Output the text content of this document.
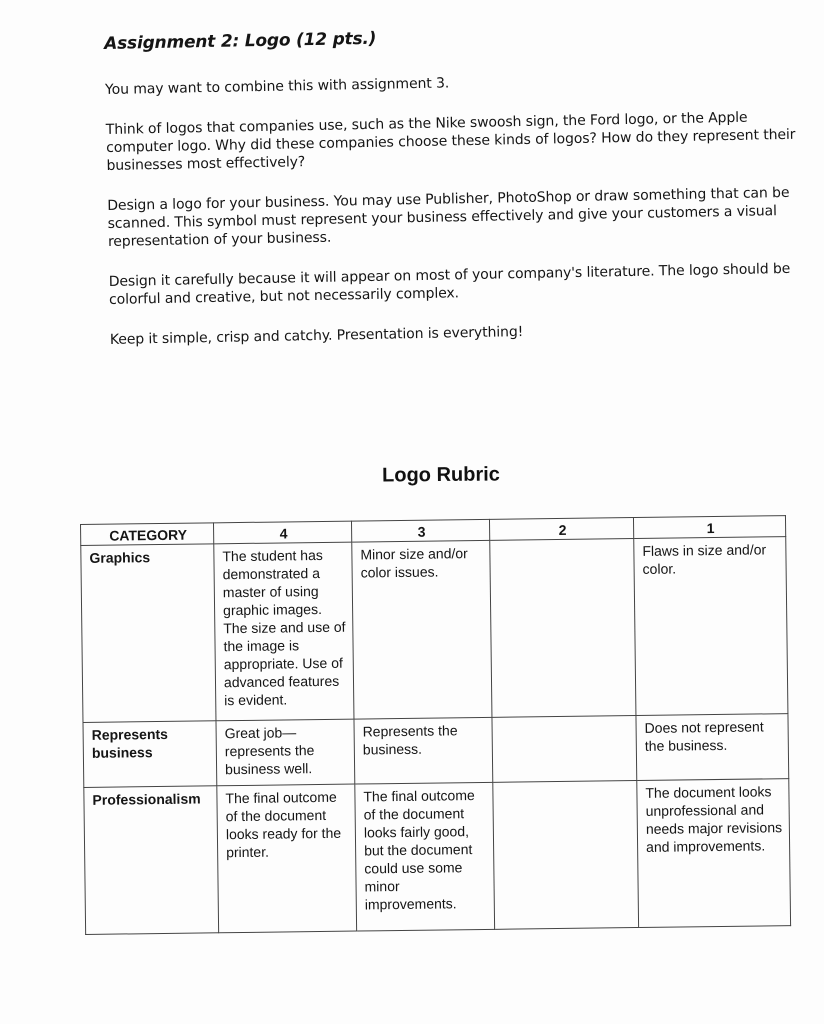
Assignment 2: Logo (12 pts.)

You may want to combine this with assignment 3.

Think of logos that companies use, such as the Nike swoosh sign, the Ford logo, or the Apple computer logo. Why did these companies choose these kinds of logos? How do they represent their businesses most effectively?

Design a logo for your business. You may use Publisher, PhotoShop or draw something that can be scanned. This symbol must represent your business effectively and give your customers a visual representation of your business.

Design it carefully because it will appear on most of your company's literature. The logo should be colorful and creative, but not necessarily complex.

Keep it simple, crisp and catchy. Presentation is everything!

Logo Rubric
CATEGORY	4	3	2	1
Graphics	The student has demonstrated a master of using graphic images. The size and use of the image is appropriate. Use of advanced features is evident.	Minor size and/or color issues.		Flaws in size and/or color.
Represents business	Great job—represents the business well.	Represents the business.		Does not represent the business.
Professionalism	The final outcome of the document looks ready for the printer.	The final outcome of the document looks fairly good, but the document could use some minor improvements.		The document looks unprofessional and needs major revisions and improvements.
